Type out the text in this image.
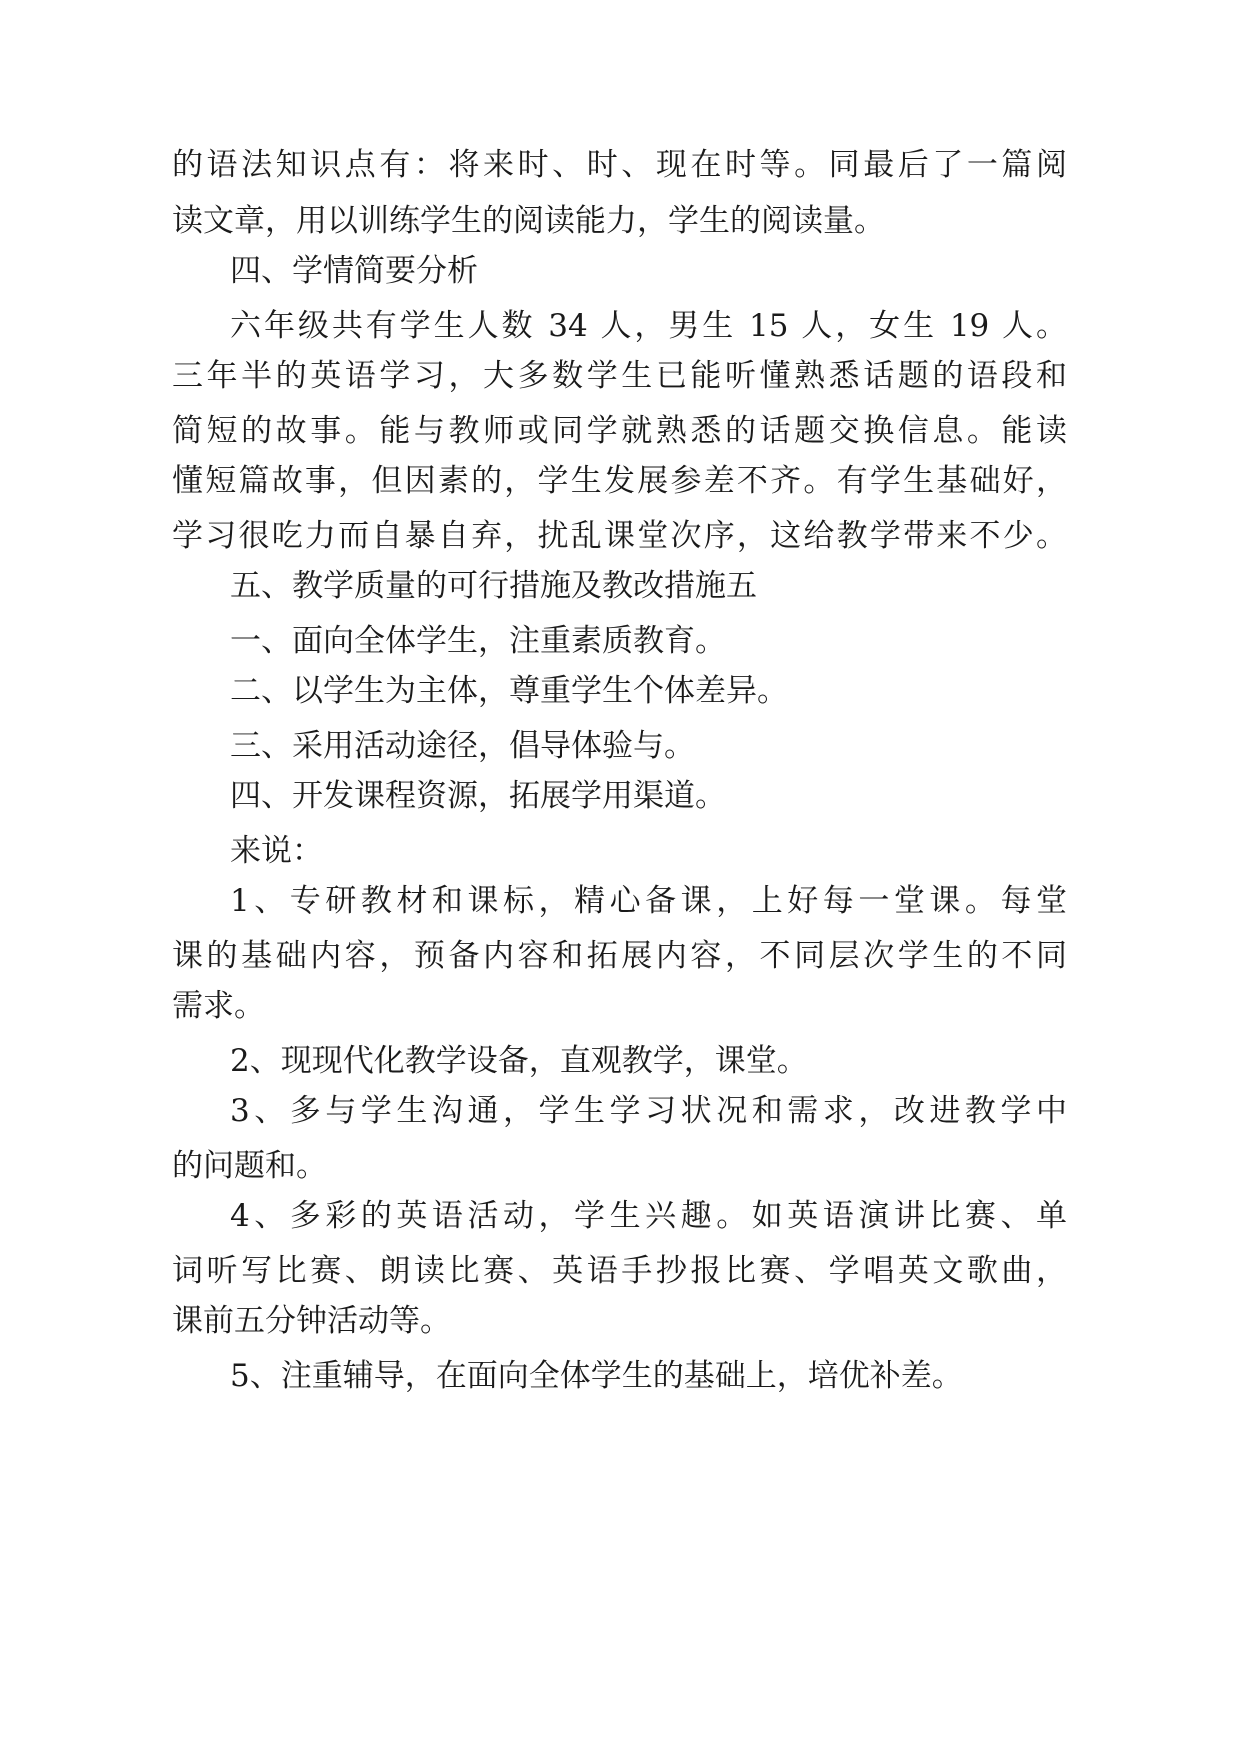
的语法知识点有：将来时、时、现在时等。同最后了一篇阅
读文章，用以训练学生的阅读能力，学生的阅读量。
四、学情简要分析
六年级共有学生人数 34 人，男生 15 人，女生 19 人。
三年半的英语学习，大多数学生已能听懂熟悉话题的语段和
简短的故事。能与教师或同学就熟悉的话题交换信息。能读
懂短篇故事，但因素的，学生发展参差不齐。有学生基础好，
学习很吃力而自暴自弃，扰乱课堂次序，这给教学带来不少。
五、教学质量的可行措施及教改措施五
一、面向全体学生，注重素质教育。
二、以学生为主体，尊重学生个体差异。
三、采用活动途径，倡导体验与。
四、开发课程资源，拓展学用渠道。
来说：
1、专研教材和课标，精心备课，上好每一堂课。每堂
课的基础内容，预备内容和拓展内容，不同层次学生的不同
需求。
2、现现代化教学设备，直观教学，课堂。
3、多与学生沟通，学生学习状况和需求，改进教学中
的问题和。
4、多彩的英语活动，学生兴趣。如英语演讲比赛、单
词听写比赛、朗读比赛、英语手抄报比赛、学唱英文歌曲，
课前五分钟活动等。
5、注重辅导，在面向全体学生的基础上，培优补差。
